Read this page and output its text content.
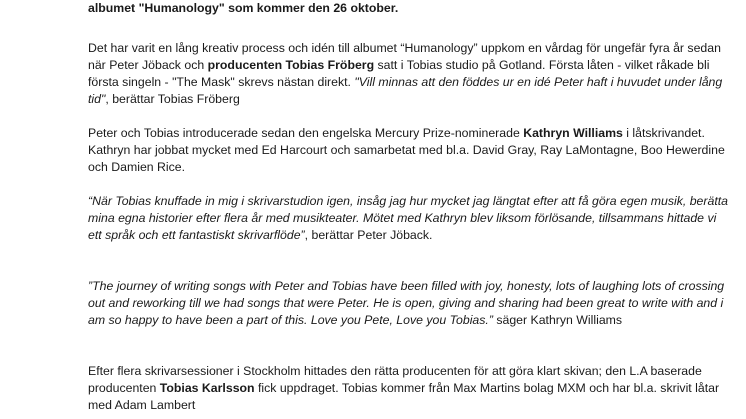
albumet "Humanology" som kommer den 26 oktober.

Det har varit en lång kreativ process och idén till albumet “Humanology” uppkom en vårdag för ungefär fyra år sedan när Peter Jöback och producenten Tobias Fröberg satt i Tobias studio på Gotland. Första låten - vilket råkade bli första singeln - "The Mask" skrevs nästan direkt. "Vill minnas att den föddes ur en idé Peter haft i huvudet under lång tid", berättar Tobias Fröberg

Peter och Tobias introducerade sedan den engelska Mercury Prize-nominerade Kathryn Williams i låtskrivandet. Kathryn har jobbat mycket med Ed Harcourt och samarbetat med bl.a. David Gray, Ray LaMontagne, Boo Hewerdine och Damien Rice.

“När Tobias knuffade in mig i skrivarstudion igen, insåg jag hur mycket jag längtat efter att få göra egen musik, berätta mina egna historier efter flera år med musikteater. Mötet med Kathryn blev liksom förlösande, tillsammans hittade vi ett språk och ett fantastiskt skrivarflöde”, berättar Peter Jöback.

”The journey of writing songs with Peter and Tobias have been filled with joy, honesty, lots of laughing lots of crossing out and reworking till we had songs that were Peter. He is open, giving and sharing had been great to write with and i am so happy to have been a part of this. Love you Pete, Love you Tobias.” säger Kathryn Williams

Efter flera skrivarsessioner i Stockholm hittades den rätta producenten för att göra klart skivan; den L.A baserade producenten Tobias Karlsson fick uppdraget. Tobias kommer från Max Martins bolag MXM och har bl.a. skrivit låtar med Adam Lambert
